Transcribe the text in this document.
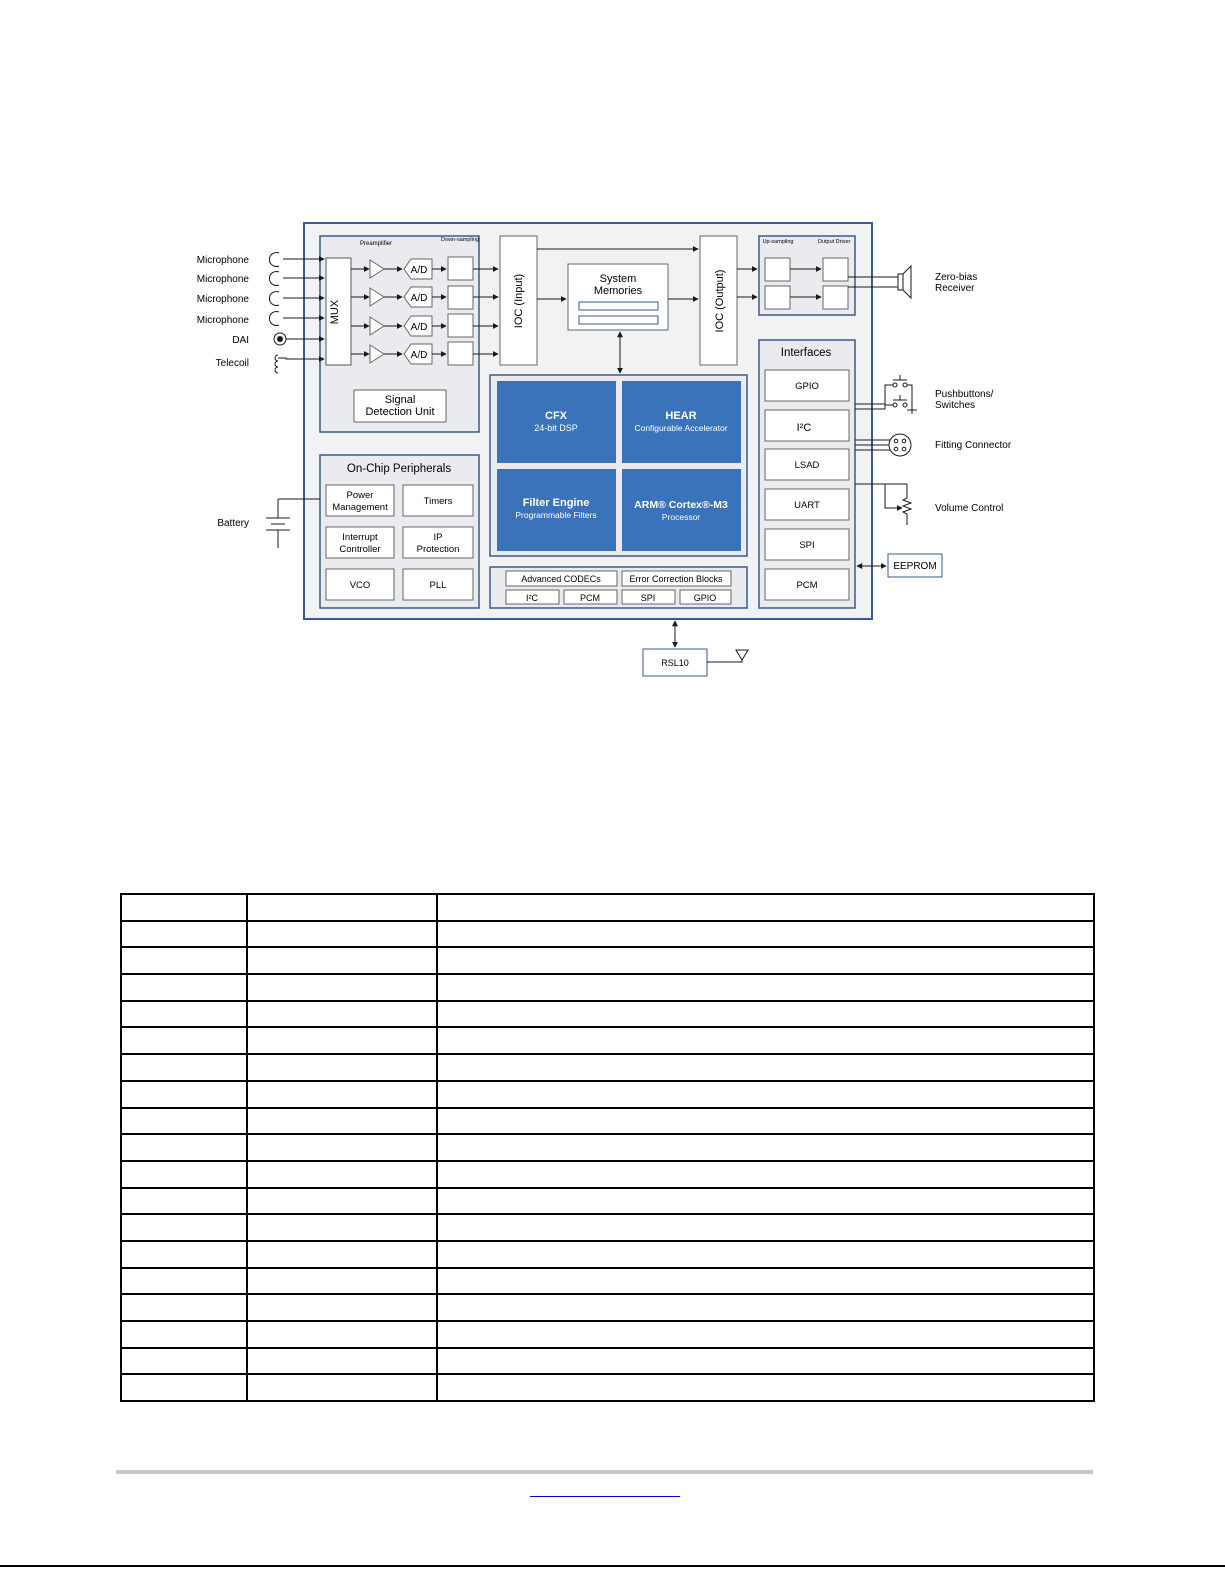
MUX
Preamplifier
Down-sampling
A/D
A/D
A/D
A/D
Signal
Detection Unit
IOC (Input)	System
Memories	IOC (Output)
Up-sampling	Output Driver
Zero-bias
Receiver
CFX
24-bit DSP
HEAR
Configurable Accelerator
Filter Engine
Programmable Filters
ARM® Cortex®-M3
Processor
Advanced CODECs	Error Correction Blocks
I²C	PCM	SPI	GPIO
On-Chip Peripherals
Power
Management
Timers
Interrupt
Controller
IP
Protection
VCO	PLL
Interfaces
GPIO
I²C
LSAD
UART
SPI
PCM
Microphone
Microphone
Microphone
Microphone
DAI
Telecoil
Battery
Pushbuttons/
Switches
Fitting Connector
Volume Control
EEPROM
RSL10
